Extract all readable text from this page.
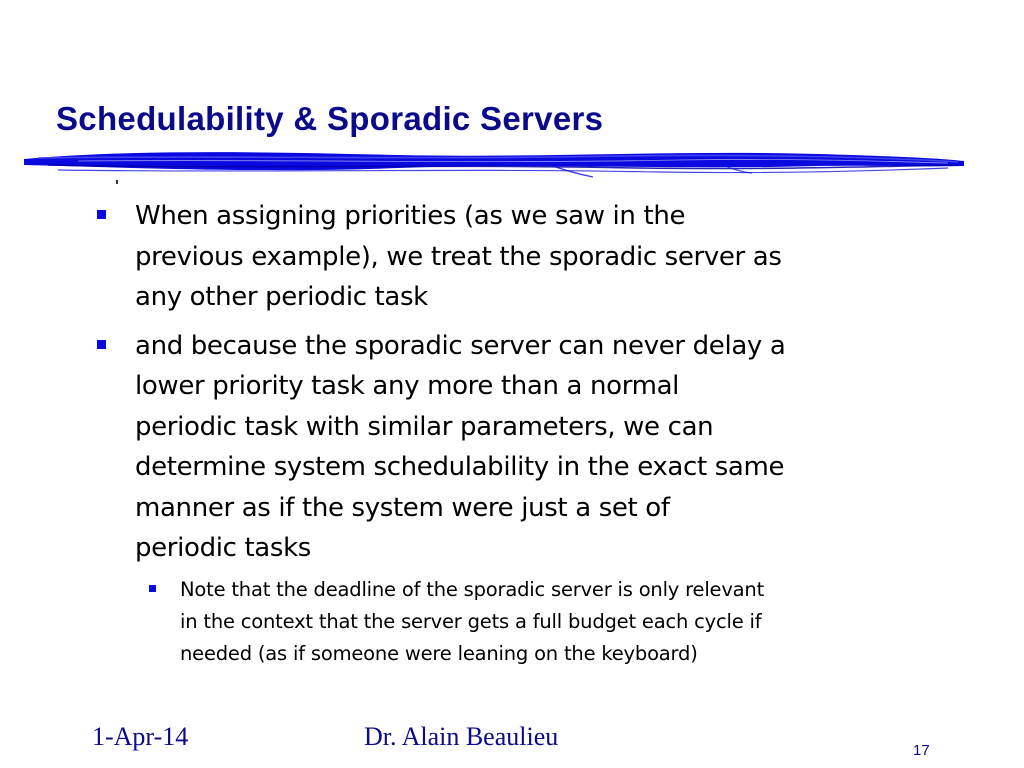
Schedulability & Sporadic Servers
When assigning priorities (as we saw in the
previous example), we treat the sporadic server as
any other periodic task
and because the sporadic server can never delay a
lower priority task any more than a normal
periodic task with similar parameters, we can
determine system schedulability in the exact same
manner as if the system were just a set of
periodic tasks
Note that the deadline of the sporadic server is only relevant
in the context that the server gets a full budget each cycle if
needed (as if someone were leaning on the keyboard)
1-Apr-14	Dr. Alain Beaulieu	17
